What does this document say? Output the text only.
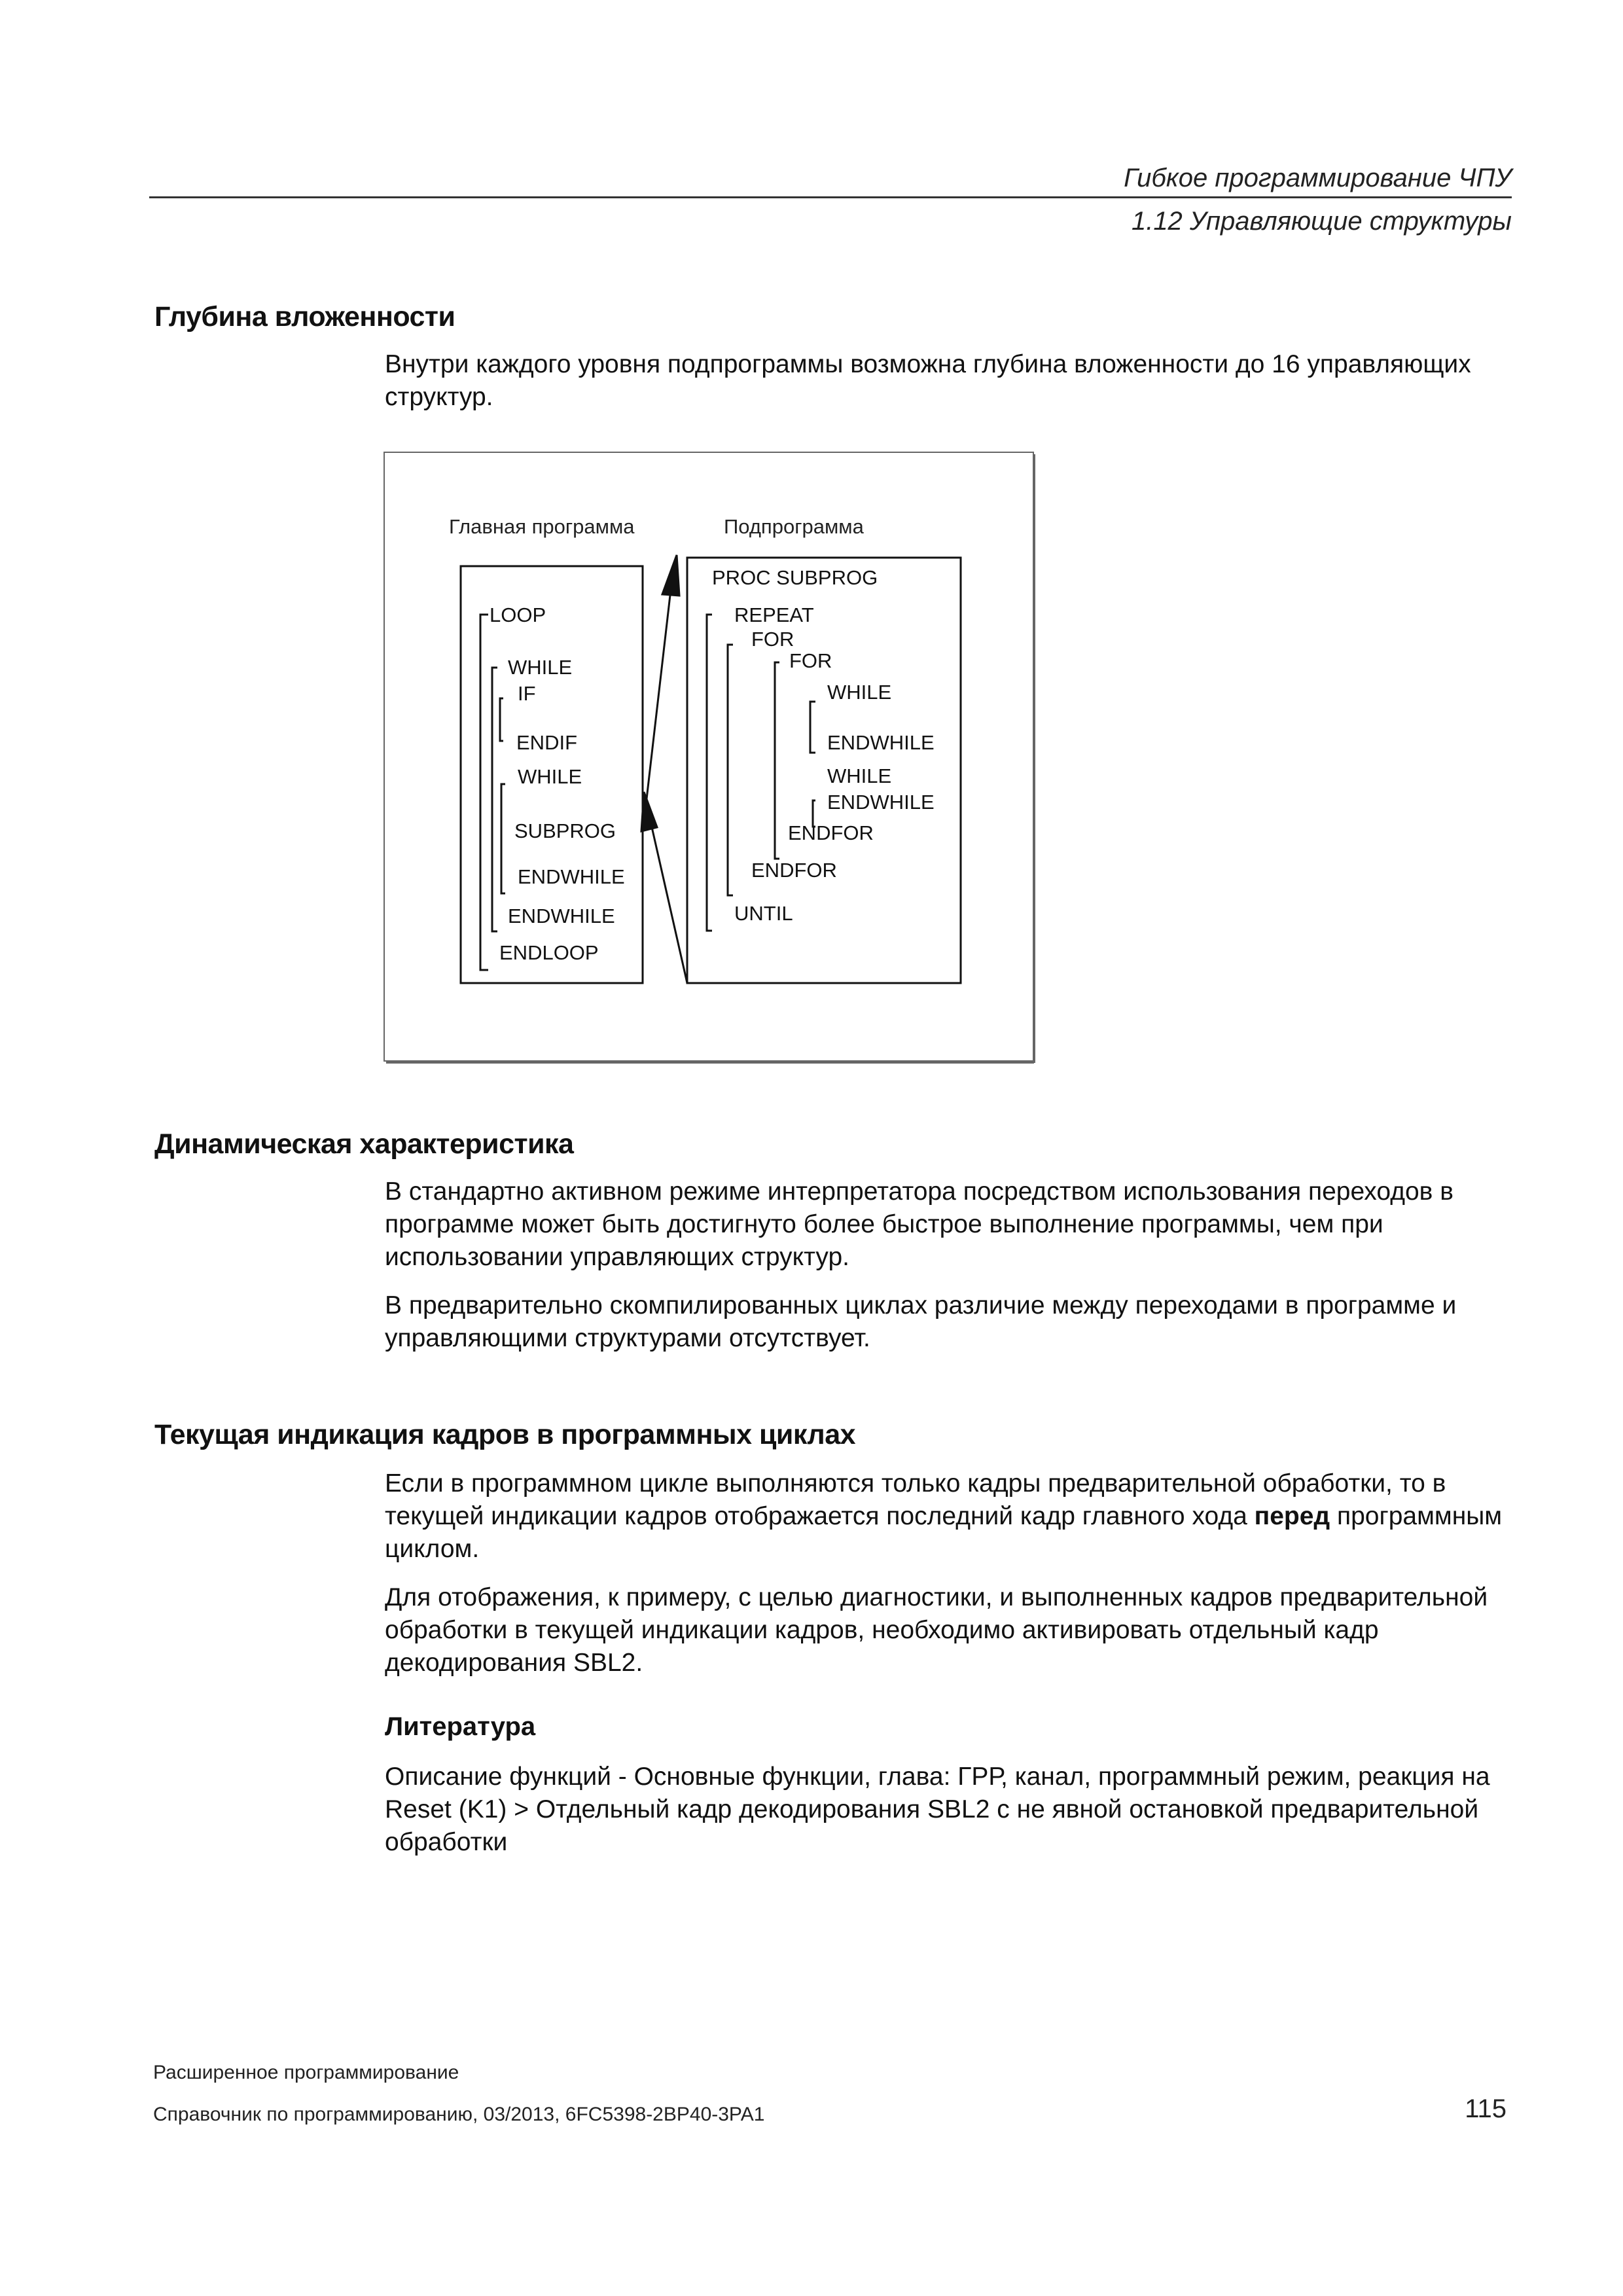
Гибкое программирование ЧПУ
1.12 Управляющие структуры
Глубина вложенности

Внутри каждого уровня подпрограммы возможна глубина вложенности до 16 управляющих структур.

Главная программа	Подпрограмма
LOOP
WHILE
IF
ENDIF
WHILE
SUBPROG
ENDWHILE
ENDWHILE
ENDLOOP
PROC SUBPROG
REPEAT
FOR
FOR
WHILE
ENDWHILE
WHILE
ENDWHILE
ENDFOR
ENDFOR
UNTIL
Динамическая характеристика

В стандартно активном режиме интерпретатора посредством использования переходов в программе может быть достигнуто более быстрое выполнение программы, чем при использовании управляющих структур.

В предварительно скомпилированных циклах различие между переходами в программе и управляющими структурами отсутствует.

Текущая индикация кадров в программных циклах

Если в программном цикле выполняются только кадры предварительной обработки, то в текущей индикации кадров отображается последний кадр главного хода перед программным циклом.

Для отображения, к примеру, с целью диагностики, и выполненных кадров предварительной обработки в текущей индикации кадров, необходимо активировать отдельный кадр декодирования SBL2.

Литература

Описание функций - Основные функции, глава: ГРР, канал, программный режим, реакция на Reset (K1) > Отдельный кадр декодирования SBL2 с не явной остановкой предварительной обработки

Расширенное программирование
Справочник по программированию, 03/2013, 6FC5398-2BP40-3PA1	115
